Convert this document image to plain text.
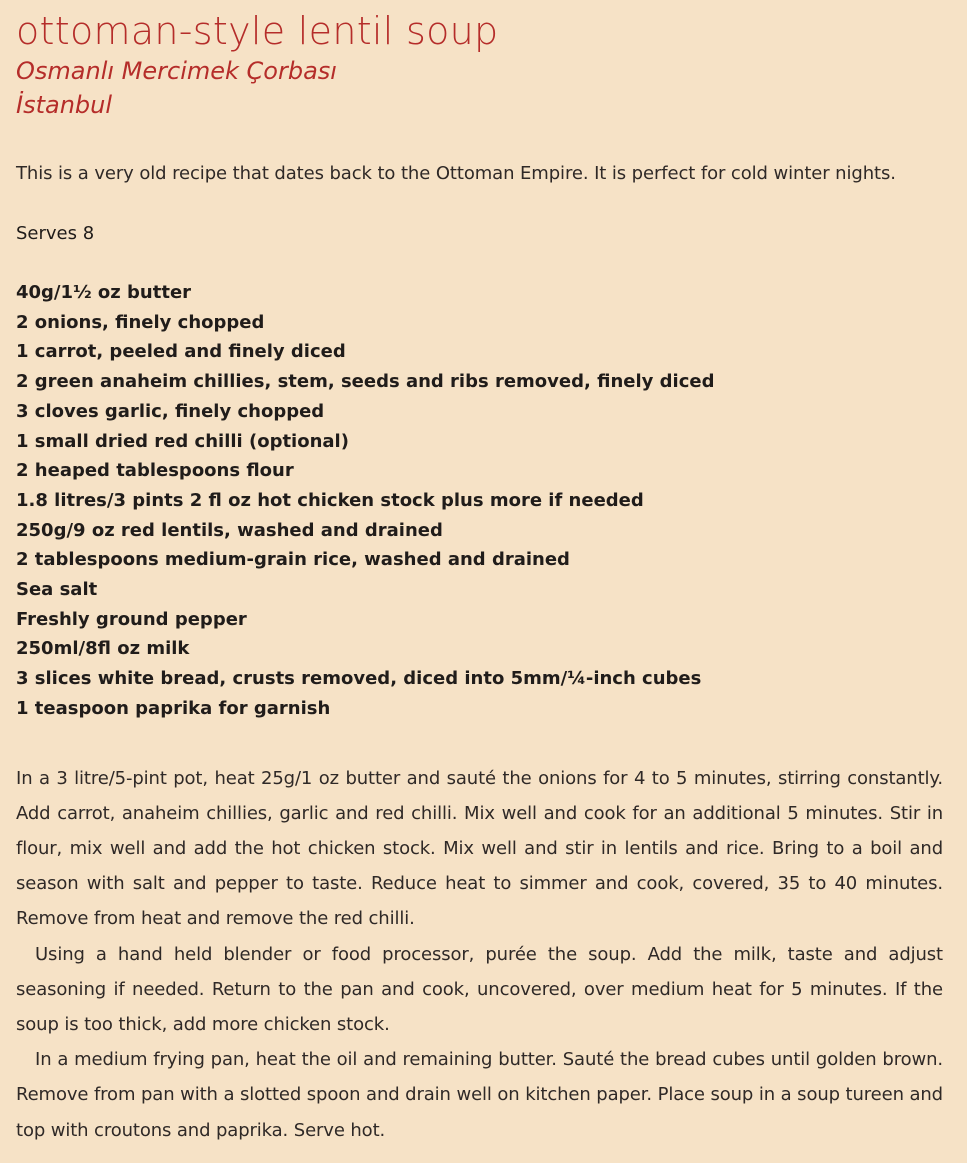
ottoman-style lentil soup
Osmanlı Mercimek Çorbası
İstanbul
This is a very old recipe that dates back to the Ottoman Empire. It is perfect for cold winter nights.
Serves 8
40g/1½ oz butter
2 onions, finely chopped
1 carrot, peeled and finely diced
2 green anaheim chillies, stem, seeds and ribs removed, finely diced
3 cloves garlic, finely chopped
1 small dried red chilli (optional)
2 heaped tablespoons flour
1.8 litres/3 pints 2 fl oz hot chicken stock plus more if needed
250g/9 oz red lentils, washed and drained
2 tablespoons medium-grain rice, washed and drained
Sea salt
Freshly ground pepper
250ml/8fl oz milk
3 slices white bread, crusts removed, diced into 5mm/¼-inch cubes
1 teaspoon paprika for garnish

In a 3 litre/5-pint pot, heat 25g/1 oz butter and sauté the onions for 4 to 5 minutes, stirring constantly. Add carrot, anaheim chillies, garlic and red chilli. Mix well and cook for an additional 5 minutes. Stir in flour, mix well and add the hot chicken stock. Mix well and stir in lentils and rice. Bring to a boil and season with salt and pepper to taste. Reduce heat to simmer and cook, covered, 35 to 40 minutes. Remove from heat and remove the red chilli.

Using a hand held blender or food processor, purée the soup. Add the milk, taste and adjust seasoning if needed. Return to the pan and cook, uncovered, over medium heat for 5 minutes. If the soup is too thick, add more chicken stock.

In a medium frying pan, heat the oil and remaining butter. Sauté the bread cubes until golden brown. Remove from pan with a slotted spoon and drain well on kitchen paper. Place soup in a soup tureen and top with croutons and paprika. Serve hot.
